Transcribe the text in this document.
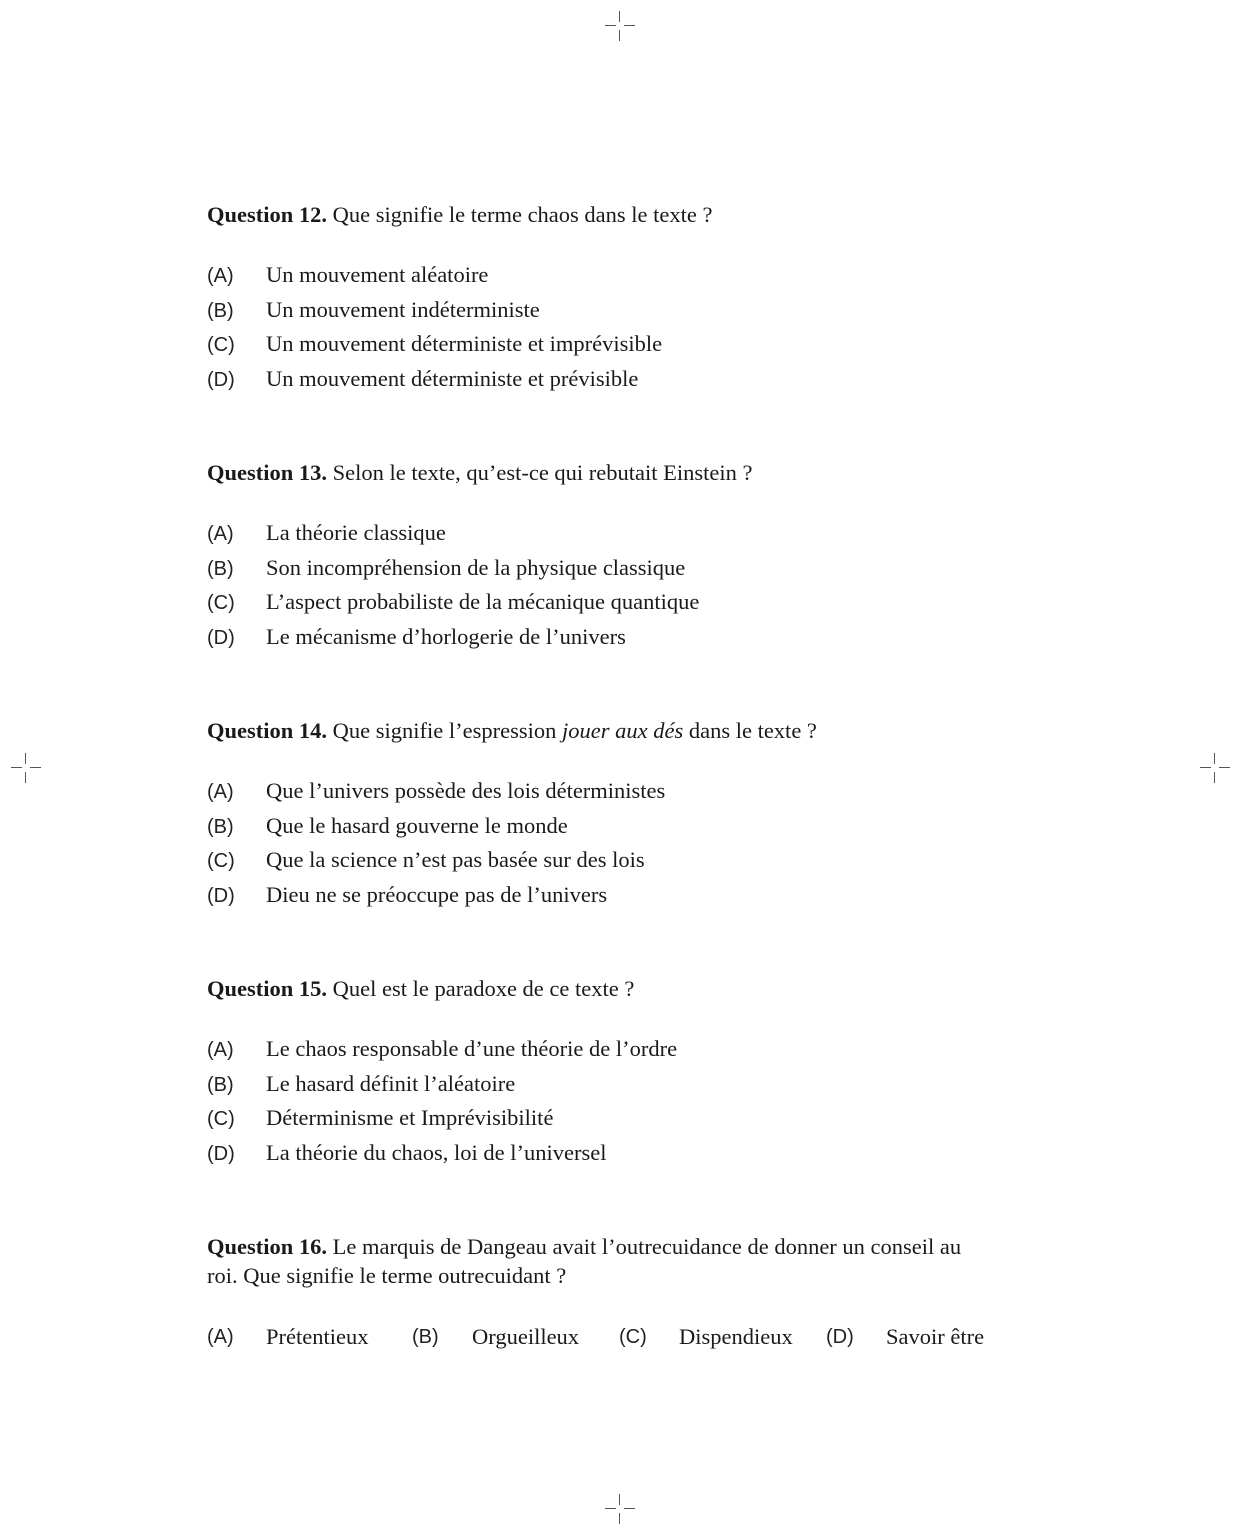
Question 12. Que signifie le terme chaos dans le texte ?
(A)	Un mouvement aléatoire
(B)	Un mouvement indéterministe
(C)	Un mouvement déterministe et imprévisible
(D)	Un mouvement déterministe et prévisible
Question 13. Selon le texte, qu’est-ce qui rebutait Einstein ?
(A)	La théorie classique
(B)	Son incompréhension de la physique classique
(C)	L’aspect probabiliste de la mécanique quantique
(D)	Le mécanisme d’horlogerie de l’univers
Question 14. Que signifie l’espression jouer aux dés dans le texte ?
(A)	Que l’univers possède des lois déterministes
(B)	Que le hasard gouverne le monde
(C)	Que la science n’est pas basée sur des lois
(D)	Dieu ne se préoccupe pas de l’univers
Question 15. Quel est le paradoxe de ce texte ?
(A)	Le chaos responsable d’une théorie de l’ordre
(B)	Le hasard définit l’aléatoire
(C)	Déterminisme et Imprévisibilité
(D)	La théorie du chaos, loi de l’universel
Question 16. Le marquis de Dangeau avait l’outrecuidance de donner un conseil au
roi. Que signifie le terme outrecuidant ?
(A) Prétentieux (B) Orgueilleux (C) Dispendieux (D) Savoir être
